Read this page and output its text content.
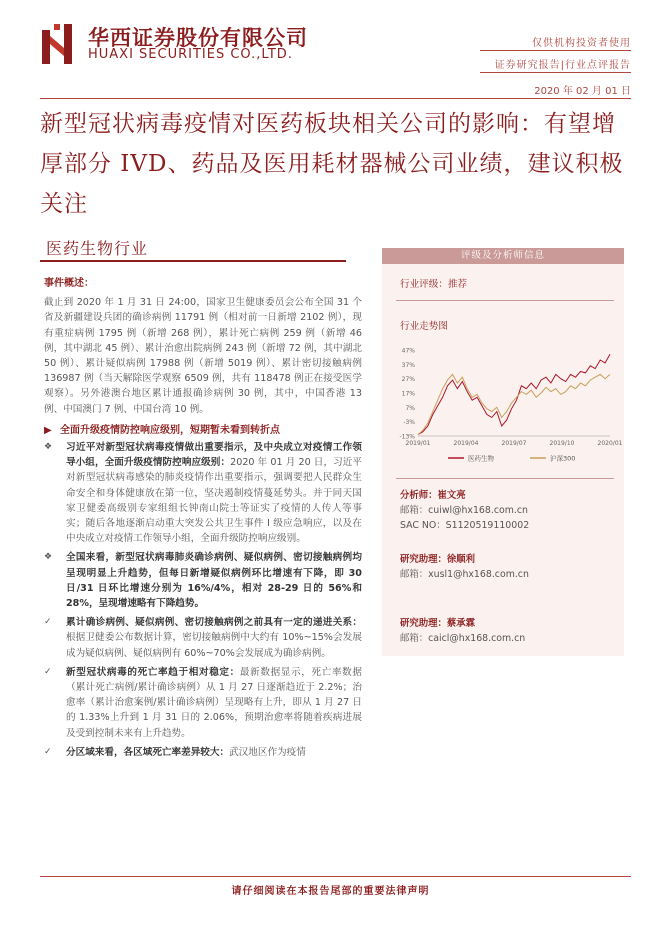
华西证券股份有限公司
HUAXI SECURITIES CO.,LTD.
仅供机构投资者使用
证券研究报告|行业点评报告
2020 年 02 月 01 日
新型冠状病毒疫情对医药板块相关公司的影响：有望增厚部分 IVD、药品及医用耗材器械公司业绩，建议积极关注
医药生物行业
事件概述：
截止到 2020 年 1 月 31 日 24:00，国家卫生健康委员会公布全国 31 个省及新疆建设兵团的确诊病例 11791 例（相对前一日新增 2102 例），现有重症病例 1795 例（新增 268 例），累计死亡病例 259 例（新增 46 例，其中湖北 45 例）、累计治愈出院病例 243 例（新增 72 例，其中湖北 50 例）、累计疑似病例 17988 例（新增 5019 例）、累计密切接触病例 136987 例（当天解除医学观察 6509 例，共有 118478 例正在接受医学观察）。另外港澳台地区累计通报确诊病例 30 例，其中，中国香港 13 例、中国澳门 7 例、中国台湾 10 例。
▶ 全面升级疫情防控响应级别，短期暂未看到转折点
❖	习近平对新型冠状病毒疫情做出重要指示，及中央成立对疫情工作领导小组，全面升级疫情防控响应级别：2020 年 01 月 20 日，习近平对新型冠状病毒感染的肺炎疫情作出重要指示，强调要把人民群众生命安全和身体健康放在第一位，坚决遏制疫情蔓延势头。并于同天国家卫健委高级别专家组组长钟南山院士等证实了疫情的人传人等事实；随后各地逐渐启动重大突发公共卫生事件 I 级应急响应，以及在中央成立对疫情工作领导小组，全面升级防控响应级别。
❖	全国来看，新型冠状病毒肺炎确诊病例、疑似病例、密切接触病例均呈现明显上升趋势，但每日新增疑似病例环比增速有下降，即 30 日/31 日环比增速分别为 16%/4%，相对 28-29 日的 56%和 28%，呈现增速略有下降趋势。
✓	累计确诊病例、疑似病例、密切接触病例之前具有一定的递进关系：根据卫健委公布数据计算，密切接触病例中大约有 10%~15%会发展成为疑似病例、疑似病例有 60%~70%会发展成为确诊病例。
✓	新型冠状病毒的死亡率趋于相对稳定：最新数据显示，死亡率数据（累计死亡病例/累计确诊病例）从 1 月 27 日逐渐趋近于 2.2%；治愈率（累计治愈案例/累计确诊病例）呈现略有上升，即从 1 月 27 日的 1.33%上升到 1 月 31 日的 2.06%，预期治愈率将随着疾病进展及受到控制未来有上升趋势。
✓	分区域来看，各区域死亡率差异较大：武汉地区作为疫情
评级及分析师信息
行业评级：推荐
行业走势图
47%
37%
27%
17%
7%
-3%
-13%
2019/01	2019/04	2019/07	2019/10	2020/01
医药生物	沪深300
分析师：崔文亮
邮箱：cuiwl@hx168.com.cn
SAC NO：S1120519110002
研究助理：徐顺利
邮箱：xusl1@hx168.com.cn
研究助理：蔡承霖
邮箱：caicl@hx168.com.cn
请仔细阅读在本报告尾部的重要法律声明
